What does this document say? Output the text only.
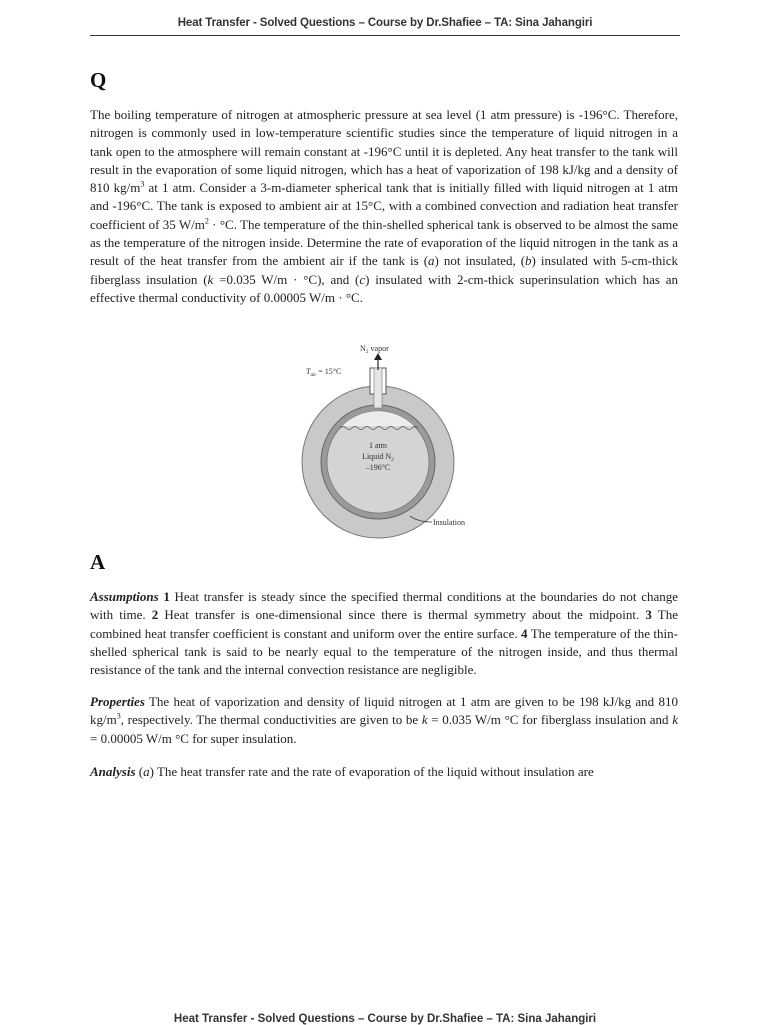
Heat Transfer - Solved Questions – Course by Dr.Shafiee – TA: Sina Jahangiri
Q
The boiling temperature of nitrogen at atmospheric pressure at sea level (1 atm pressure) is -196°C. Therefore, nitrogen is commonly used in low-temperature scientific studies since the temperature of liquid nitrogen in a tank open to the atmosphere will remain constant at -196°C until it is depleted. Any heat transfer to the tank will result in the evaporation of some liquid nitrogen, which has a heat of vaporization of 198 kJ/kg and a density of 810 $kg/m^3$ at 1 atm. Consider a 3-m-diameter spherical tank that is initially filled with liquid nitrogen at 1 atm and -196°C. The tank is exposed to ambient air at 15°C, with a combined convection and radiation heat transfer coefficient of 35 $W/m^2 \cdot ^\circ C$. The temperature of the thin-shelled spherical tank is observed to be almost the same as the temperature of the nitrogen inside. Determine the rate of evaporation of the liquid nitrogen in the tank as a result of the heat transfer from the ambient air if the tank is (a) not insulated, (b) insulated with 5-cm-thick fiberglass insulation (k =0.035 W/m · °C), and (c) insulated with 2-cm-thick superinsulation which has an effective thermal conductivity of 0.00005 W/m · °C.
$N_2$ vapor
$T_{air} = 15^\circ C$
1 atm
Liquid $N_2$
–196°C
Insulation
A
Assumptions 1 Heat transfer is steady since the specified thermal conditions at the boundaries do not change with time. 2 Heat transfer is one-dimensional since there is thermal symmetry about the midpoint. 3 The combined heat transfer coefficient is constant and uniform over the entire surface. 4 The temperature of the thin-shelled spherical tank is said to be nearly equal to the temperature of the nitrogen inside, and thus thermal resistance of the tank and the internal convection resistance are negligible.
Properties The heat of vaporization and density of liquid nitrogen at 1 atm are given to be 198 kJ/kg and 810 $kg/m^3$, respectively. The thermal conductivities are given to be k = 0.035 W/m °C for fiberglass insulation and k = 0.00005 W/m °C for super insulation.
Analysis (a) The heat transfer rate and the rate of evaporation of the liquid without insulation are
Heat Transfer - Solved Questions – Course by Dr.Shafiee – TA: Sina Jahangiri
